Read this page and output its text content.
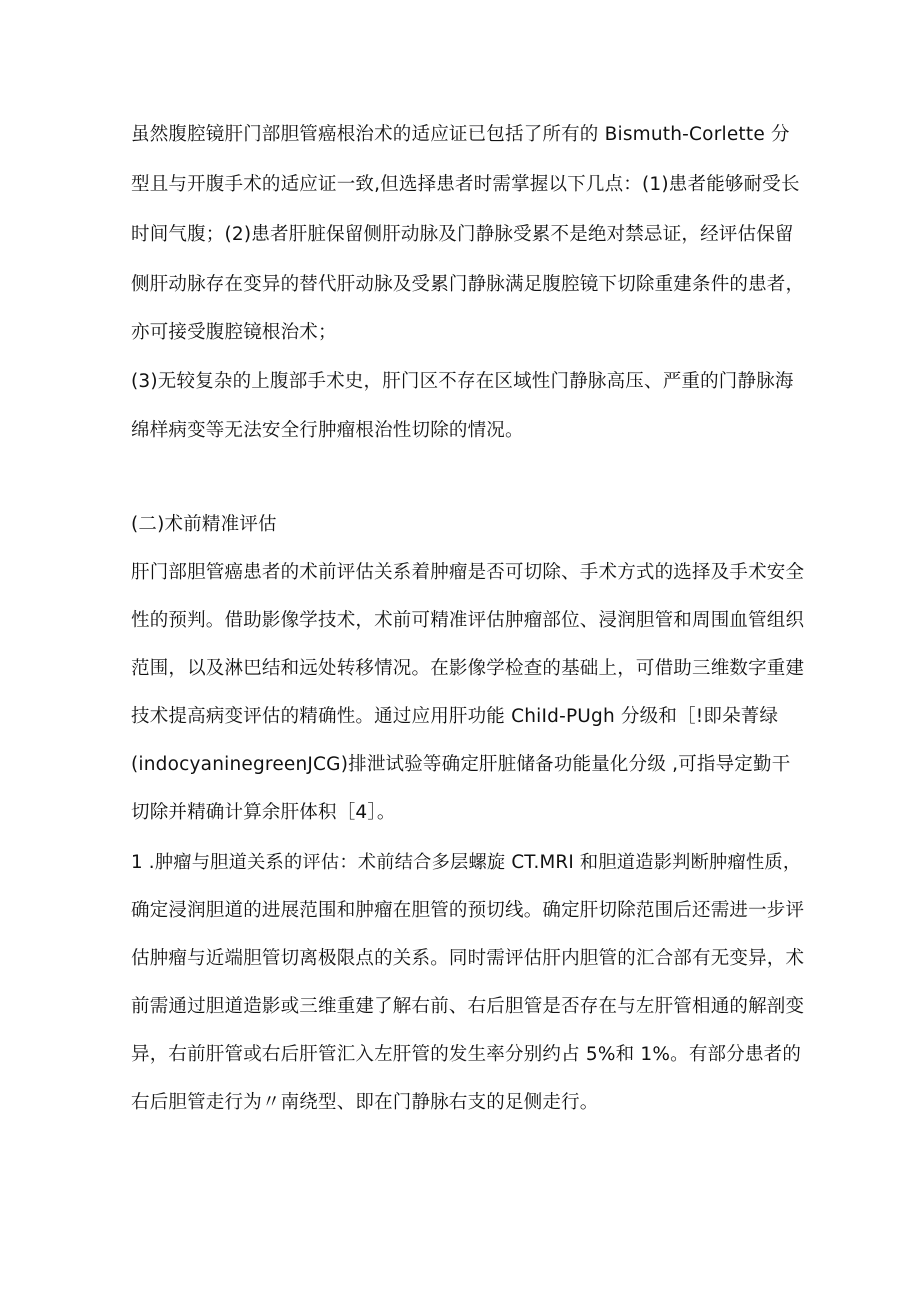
虽然腹腔镜肝门部胆管癌根治术的适应证已包括了所有的 Bismuth-Corlette 分
型且与开腹手术的适应证一致,但选择患者时需掌握以下几点：(1)患者能够耐受长
时间气腹；(2)患者肝脏保留侧肝动脉及门静脉受累不是绝对禁忌证，经评估保留
侧肝动脉存在变异的替代肝动脉及受累门静脉满足腹腔镜下切除重建条件的患者，
亦可接受腹腔镜根治术；
(3)无较复杂的上腹部手术史，肝门区不存在区域性门静脉高压、严重的门静脉海
绵样病变等无法安全行肿瘤根治性切除的情况。
(二)术前精准评估
肝门部胆管癌患者的术前评估关系着肿瘤是否可切除、手术方式的选择及手术安全
性的预判。借助影像学技术，术前可精准评估肿瘤部位、浸润胆管和周围血管组织
范围，以及淋巴结和远处转移情况。在影像学检查的基础上，可借助三维数字重建
技术提高病变评估的精确性。通过应用肝功能 ChiId-PUgh 分级和［!即朵菁绿
(indocyaninegreenJCG)排泄试验等确定肝脏储备功能量化分级 ,可指导定勤干
切除并精确计算余肝体积［4］。
1 .肿瘤与胆道关系的评估：术前结合多层螺旋 CT.MRI 和胆道造影判断肿瘤性质，
确定浸润胆道的进展范围和肿瘤在胆管的预切线。确定肝切除范围后还需进一步评
估肿瘤与近端胆管切离极限点的关系。同时需评估肝内胆管的汇合部有无变异，术
前需通过胆道造影或三维重建了解右前、右后胆管是否存在与左肝管相通的解剖变
异，右前肝管或右后肝管汇入左肝管的发生率分别约占 5%和 1%。有部分患者的
右后胆管走行为〃南绕型、即在门静脉右支的足侧走行。
